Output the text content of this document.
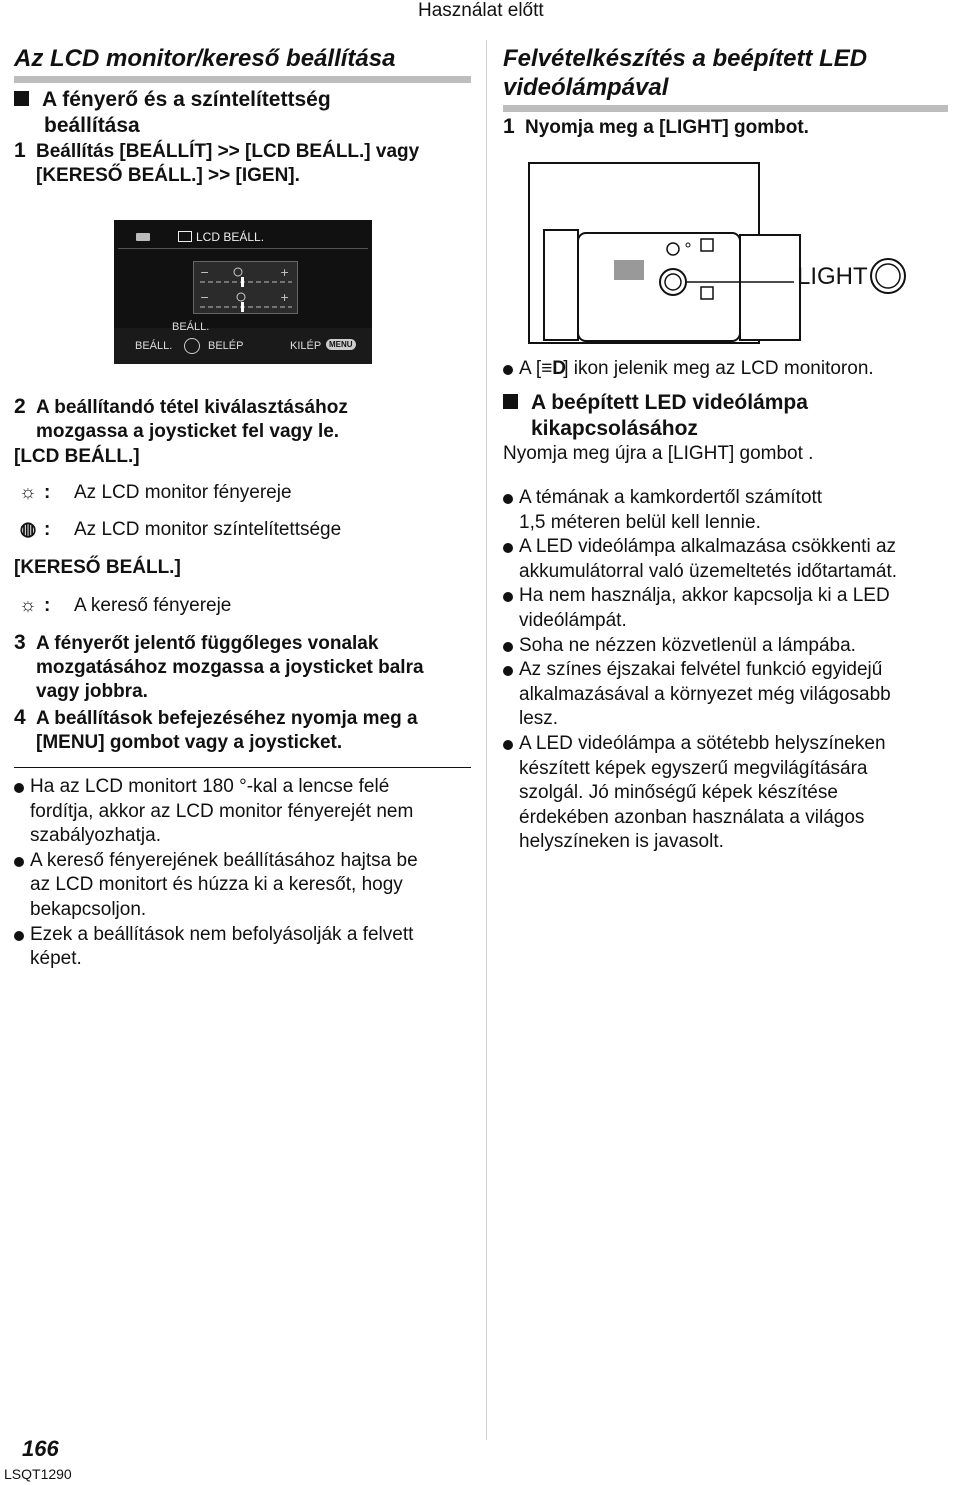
Használat előtt
Az LCD monitor/kereső beállítása
A fényerő és a színtelítettség
beállítása
1 Beállítás [BEÁLLÍT] >> [LCD BEÁLL.] vagy
[KERESŐ BEÁLL.] >> [IGEN].
LCD BEÁLL.
−	+
−	+
BEÁLL.
BEÁLL.	BELÉP	KILÉP MENU
2 A beállítandó tétel kiválasztásához
mozgassa a joysticket fel vagy le.
[LCD BEÁLL.]
☼ : Az LCD monitor fényereje
◍ : Az LCD monitor színtelítettsége
[KERESŐ BEÁLL.]
☼ : A kereső fényereje
3 A fényerőt jelentő függőleges vonalak
mozgatásához mozgassa a joysticket balra
vagy jobbra.
4 A beállítások befejezéséhez nyomja meg a
[MENU] gombot vagy a joysticket.
Ha az LCD monitort 180 °-kal a lencse felé
fordítja, akkor az LCD monitor fényerejét nem
szabályozhatja.
A kereső fényerejének beállításához hajtsa be
az LCD monitort és húzza ki a keresőt, hogy
bekapcsoljon.
Ezek a beállítások nem befolyásolják a felvett
képet.
Felvételkészítés a beépített LED
videólámpával
1 Nyomja meg a [LIGHT] gombot.
LIGHT
A [≡D] ikon jelenik meg az LCD monitoron.
A beépített LED videólámpa
kikapcsolásához
Nyomja meg újra a [LIGHT] gombot .
A témának a kamkordertől számított
1,5 méteren belül kell lennie.
A LED videólámpa alkalmazása csökkenti az
akkumulátorral való üzemeltetés időtartamát.
Ha nem használja, akkor kapcsolja ki a LED
videólámpát.
Soha ne nézzen közvetlenül a lámpába.
Az színes éjszakai felvétel funkció egyidejű
alkalmazásával a környezet még világosabb
lesz.
A LED videólámpa a sötétebb helyszíneken
készített képek egyszerű megvilágítására
szolgál. Jó minőségű képek készítése
érdekében azonban használata a világos
helyszíneken is javasolt.
166
LSQT1290
